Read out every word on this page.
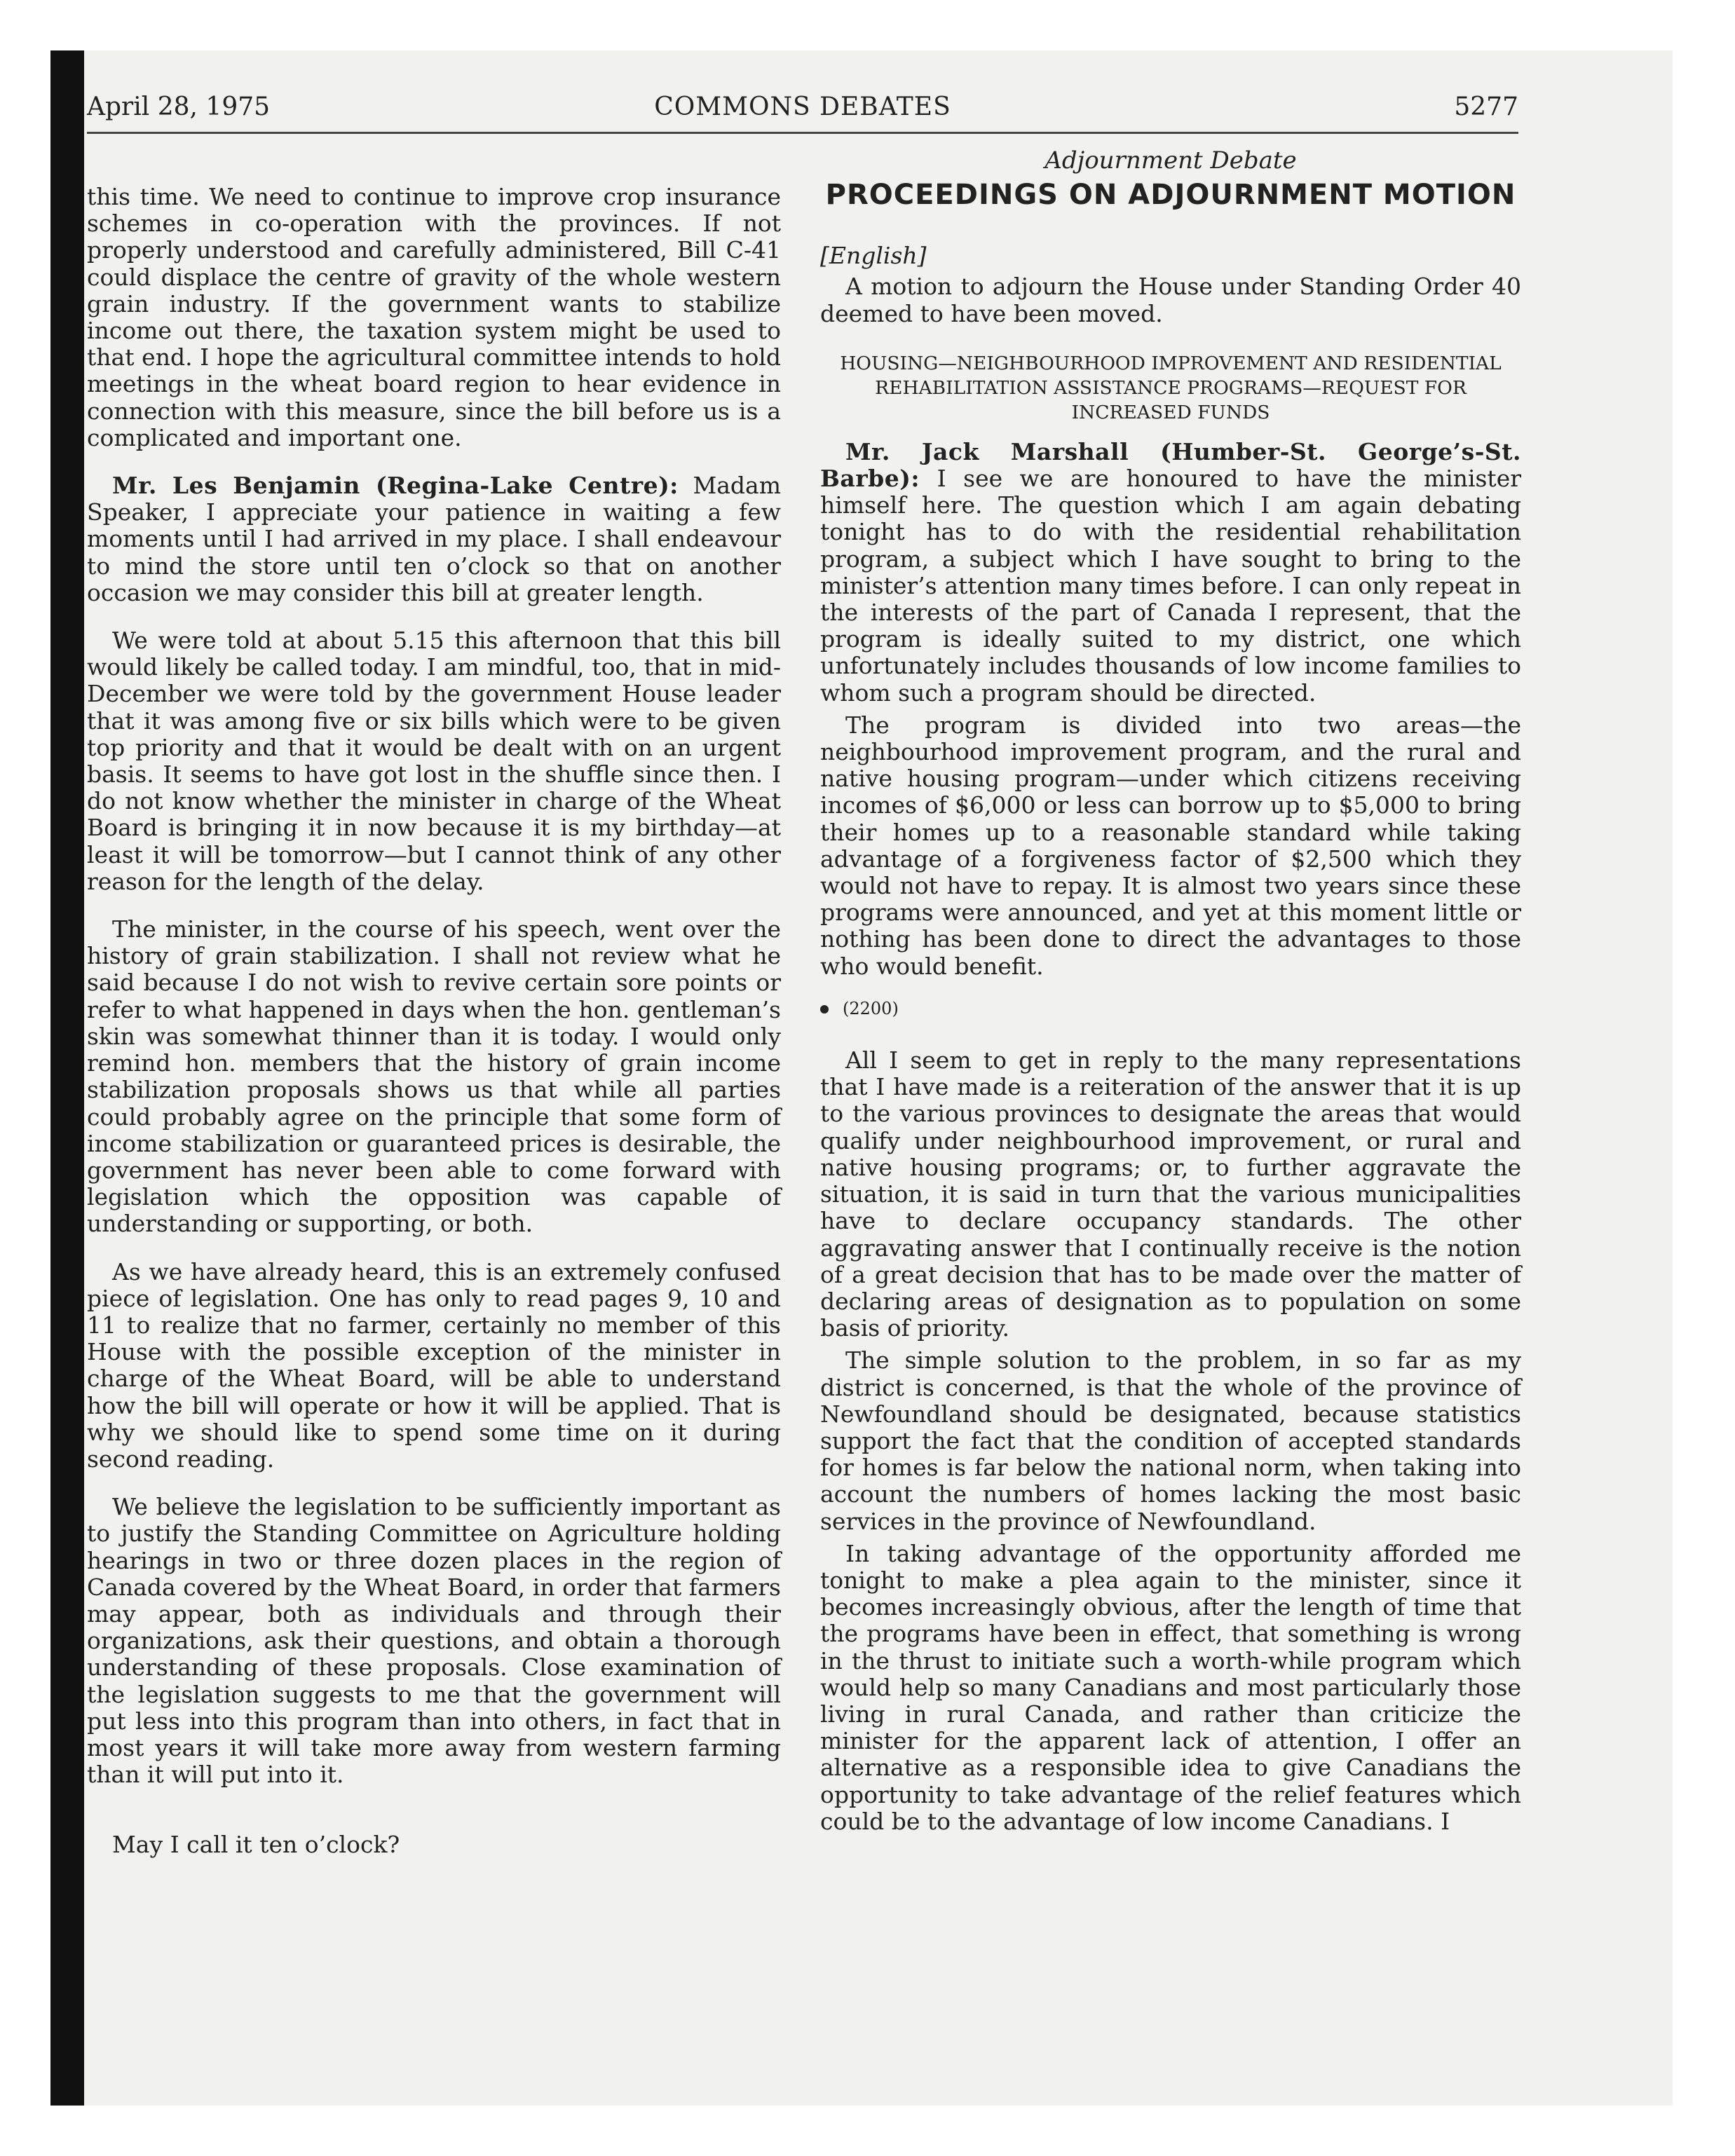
April 28, 1975	COMMONS DEBATES	5277

this time. We need to continue to improve crop insurance schemes in co-operation with the provinces. If not properly understood and carefully administered, Bill C-41 could displace the centre of gravity of the whole western grain industry. If the government wants to stabilize income out there, the taxation system might be used to that end. I hope the agricultural committee intends to hold meetings in the wheat board region to hear evidence in connection with this measure, since the bill before us is a complicated and important one.

Mr. Les Benjamin (Regina-Lake Centre): Madam Speaker, I appreciate your patience in waiting a few moments until I had arrived in my place. I shall endeavour to mind the store until ten o’clock so that on another occasion we may consider this bill at greater length.

We were told at about 5.15 this afternoon that this bill would likely be called today. I am mindful, too, that in mid-December we were told by the government House leader that it was among five or six bills which were to be given top priority and that it would be dealt with on an urgent basis. It seems to have got lost in the shuffle since then. I do not know whether the minister in charge of the Wheat Board is bringing it in now because it is my birthday—at least it will be tomorrow—but I cannot think of any other reason for the length of the delay.

The minister, in the course of his speech, went over the history of grain stabilization. I shall not review what he said because I do not wish to revive certain sore points or refer to what happened in days when the hon. gentleman’s skin was somewhat thinner than it is today. I would only remind hon. members that the history of grain income stabilization proposals shows us that while all parties could probably agree on the principle that some form of income stabilization or guaranteed prices is desirable, the government has never been able to come forward with legislation which the opposition was capable of understanding or supporting, or both.

As we have already heard, this is an extremely confused piece of legislation. One has only to read pages 9, 10 and 11 to realize that no farmer, certainly no member of this House with the possible exception of the minister in charge of the Wheat Board, will be able to understand how the bill will operate or how it will be applied. That is why we should like to spend some time on it during second reading.

We believe the legislation to be sufficiently important as to justify the Standing Committee on Agriculture holding hearings in two or three dozen places in the region of Canada covered by the Wheat Board, in order that farmers may appear, both as individuals and through their organizations, ask their questions, and obtain a thorough understanding of these proposals. Close examination of the legislation suggests to me that the government will put less into this program than into others, in fact that in most years it will take more away from western farming than it will put into it.

May I call it ten o’clock?

Adjournment Debate
PROCEEDINGS ON ADJOURNMENT MOTION
[English]

A motion to adjourn the House under Standing Order 40 deemed to have been moved.

HOUSING—NEIGHBOURHOOD IMPROVEMENT AND RESIDENTIAL REHABILITATION ASSISTANCE PROGRAMS—REQUEST FOR INCREASED FUNDS

Mr. Jack Marshall (Humber-St. George’s-St. Barbe): I see we are honoured to have the minister himself here. The question which I am again debating tonight has to do with the residential rehabilitation program, a subject which I have sought to bring to the minister’s attention many times before. I can only repeat in the interests of the part of Canada I represent, that the program is ideally suited to my district, one which unfortunately includes thousands of low income families to whom such a program should be directed.

The program is divided into two areas—the neighbourhood improvement program, and the rural and native housing program—under which citizens receiving incomes of $6,000 or less can borrow up to $5,000 to bring their homes up to a reasonable standard while taking advantage of a forgiveness factor of $2,500 which they would not have to repay. It is almost two years since these programs were announced, and yet at this moment little or nothing has been done to direct the advantages to those who would benefit.

(2200)

All I seem to get in reply to the many representations that I have made is a reiteration of the answer that it is up to the various provinces to designate the areas that would qualify under neighbourhood improvement, or rural and native housing programs; or, to further aggravate the situation, it is said in turn that the various municipalities have to declare occupancy standards. The other aggravating answer that I continually receive is the notion of a great decision that has to be made over the matter of declaring areas of designation as to population on some basis of priority.

The simple solution to the problem, in so far as my district is concerned, is that the whole of the province of Newfoundland should be designated, because statistics support the fact that the condition of accepted standards for homes is far below the national norm, when taking into account the numbers of homes lacking the most basic services in the province of Newfoundland.

In taking advantage of the opportunity afforded me tonight to make a plea again to the minister, since it becomes increasingly obvious, after the length of time that the programs have been in effect, that something is wrong in the thrust to initiate such a worth-while program which would help so many Canadians and most particularly those living in rural Canada, and rather than criticize the minister for the apparent lack of attention, I offer an alternative as a responsible idea to give Canadians the opportunity to take advantage of the relief features which could be to the advantage of low income Canadians. I
